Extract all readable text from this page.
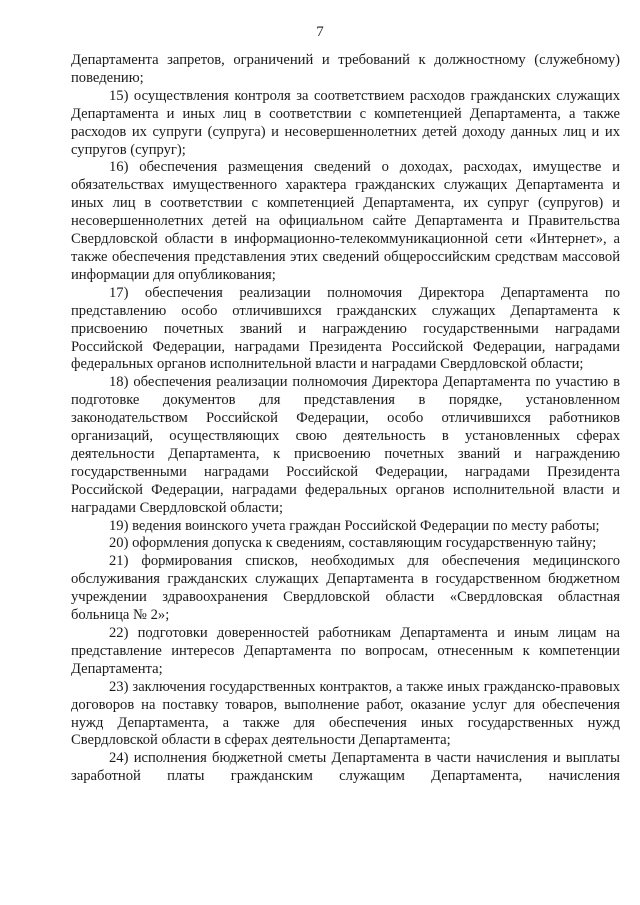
7

Департамента запретов, ограничений и требований к должностному (служебному) поведению;

15) осуществления контроля за соответствием расходов гражданских служащих Департамента и иных лиц в соответствии с компетенцией Департамента, а также расходов их супруги (супруга) и несовершеннолетних детей доходу данных лиц и их супругов (супруг);

16) обеспечения размещения сведений о доходах, расходах, имуществе и обязательствах имущественного характера гражданских служащих Департамента и иных лиц в соответствии с компетенцией Департамента, их супруг (супругов) и несовершеннолетних детей на официальном сайте Департамента и Правительства Свердловской области в информационно-телекоммуникационной сети «Интернет», а также обеспечения представления этих сведений общероссийским средствам массовой информации для опубликования;

17) обеспечения реализации полномочия Директора Департамента по представлению особо отличившихся гражданских служащих Департамента к присвоению почетных званий и награждению государственными наградами Российской Федерации, наградами Президента Российской Федерации, наградами федеральных органов исполнительной власти и наградами Свердловской области;

18) обеспечения реализации полномочия Директора Департамента по участию в подготовке документов для представления в порядке, установленном законодательством Российской Федерации, особо отличившихся работников организаций, осуществляющих свою деятельность в установленных сферах деятельности Департамента, к присвоению почетных званий и награждению государственными наградами Российской Федерации, наградами Президента Российской Федерации, наградами федеральных органов исполнительной власти и наградами Свердловской области;

19) ведения воинского учета граждан Российской Федерации по месту работы;

20) оформления допуска к сведениям, составляющим государственную тайну;

21) формирования списков, необходимых для обеспечения медицинского обслуживания гражданских служащих Департамента в государственном бюджетном учреждении здравоохранения Свердловской области «Свердловская областная больница № 2»;

22) подготовки доверенностей работникам Департамента и иным лицам на представление интересов Департамента по вопросам, отнесенным к компетенции Департамента;

23) заключения государственных контрактов, а также иных гражданско-правовых договоров на поставку товаров, выполнение работ, оказание услуг для обеспечения нужд Департамента, а также для обеспечения иных государственных нужд Свердловской области в сферах деятельности Департамента;

24) исполнения бюджетной сметы Департамента в части начисления и выплаты заработной платы гражданским служащим Департамента, начисления
